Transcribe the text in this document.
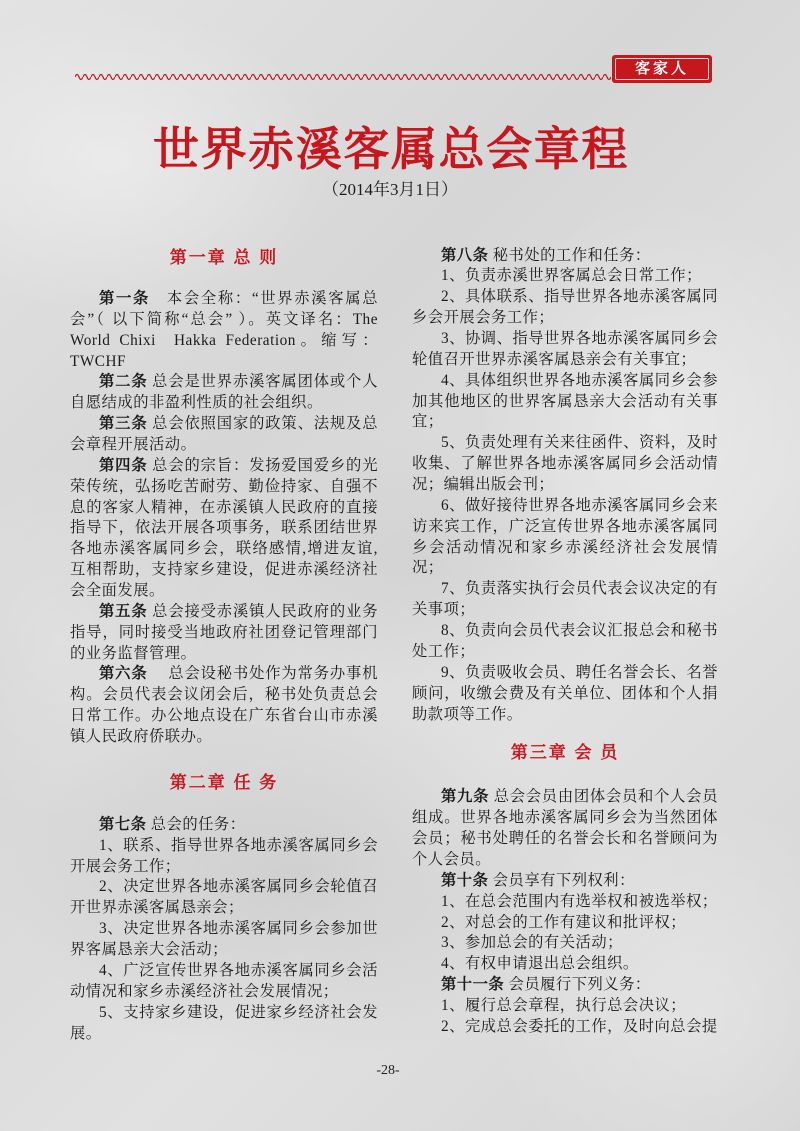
客家人
世界赤溪客属总会章程
（2014年3月1日）
第一章 总 则

第一条　本会全称：“世界赤溪客属总会”（ 以下简称“总会” ）。英文译名：The World Chixi  Hakka Federation。缩写：TWCHF

第二条 总会是世界赤溪客属团体或个人自愿结成的非盈利性质的社会组织。

第三条 总会依照国家的政策、法规及总会章程开展活动。

第四条 总会的宗旨：发扬爱国爱乡的光荣传统，弘扬吃苦耐劳、勤俭持家、自强不息的客家人精神，在赤溪镇人民政府的直接指导下，依法开展各项事务，联系团结世界各地赤溪客属同乡会，联络感情,增进友谊,互相帮助，支持家乡建设，促进赤溪经济社会全面发展。

第五条 总会接受赤溪镇人民政府的业务指导，同时接受当地政府社团登记管理部门的业务监督管理。

第六条　 总会设秘书处作为常务办事机构。会员代表会议闭会后，秘书处负责总会日常工作。办公地点设在广东省台山市赤溪镇人民政府侨联办。

第二章 任 务

第七条 总会的任务：

1、联系、指导世界各地赤溪客属同乡会开展会务工作；

2、决定世界各地赤溪客属同乡会轮值召开世界赤溪客属恳亲会；

3、决定世界各地赤溪客属同乡会参加世界客属恳亲大会活动；

4、广泛宣传世界各地赤溪客属同乡会活动情况和家乡赤溪经济社会发展情况；

5、支持家乡建设，促进家乡经济社会发展。

第八条 秘书处的工作和任务：

1、负责赤溪世界客属总会日常工作；

2、具体联系、指导世界各地赤溪客属同乡会开展会务工作；

3、协调、指导世界各地赤溪客属同乡会轮值召开世界赤溪客属恳亲会有关事宜；

4、具体组织世界各地赤溪客属同乡会参加其他地区的世界客属恳亲大会活动有关事宜；

5、负责处理有关来往函件、资料，及时收集、了解世界各地赤溪客属同乡会活动情况；编辑出版会刊；

6、做好接待世界各地赤溪客属同乡会来访来宾工作，广泛宣传世界各地赤溪客属同乡会活动情况和家乡赤溪经济社会发展情况；

7、负责落实执行会员代表会议决定的有关事项；

8、负责向会员代表会议汇报总会和秘书处工作；

9、负责吸收会员、聘任名誉会长、名誉顾问，收缴会费及有关单位、团体和个人捐助款项等工作。

第三章 会 员

第九条 总会会员由团体会员和个人会员组成。世界各地赤溪客属同乡会为当然团体会员；秘书处聘任的名誉会长和名誉顾问为个人会员。

第十条 会员享有下列权利：

1、在总会范围内有选举权和被选举权；

2、对总会的工作有建议和批评权；

3、参加总会的有关活动；

4、有权申请退出总会组织。

第十一条 会员履行下列义务：

1、履行总会章程，执行总会决议；

2、完成总会委托的工作，及时向总会提

-28-
